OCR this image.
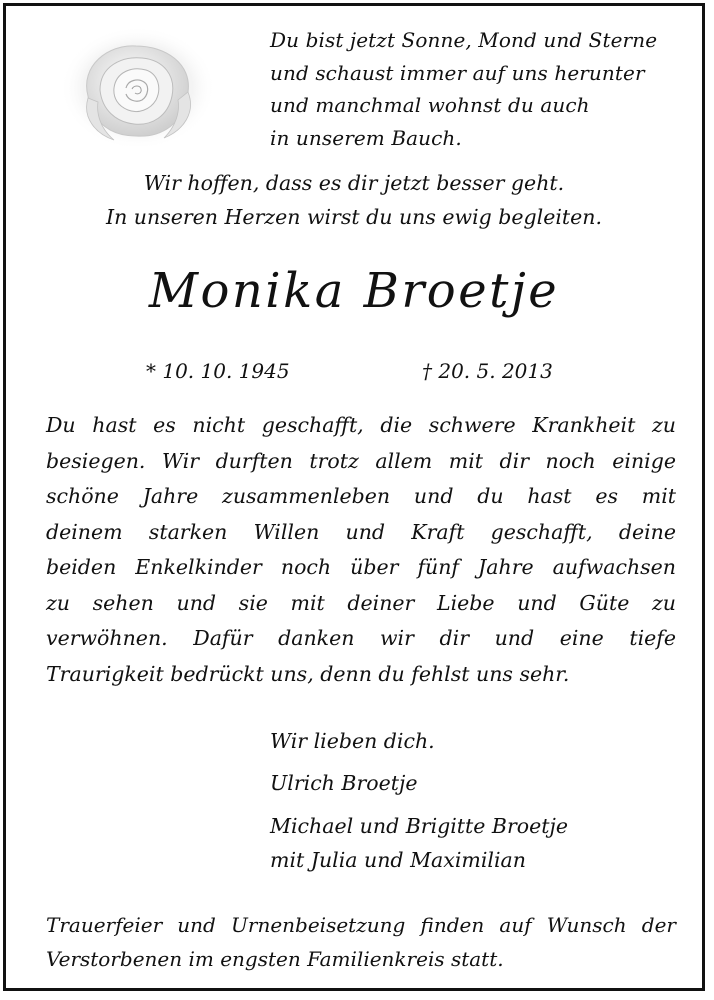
Du bist jetzt Sonne, Mond und Sterne
und schaust immer auf uns herunter
und manchmal wohnst du auch
in unserem Bauch.
Wir hoffen, dass es dir jetzt besser geht.
In unseren Herzen wirst du uns ewig begleiten.
Monika Broetje
* 10. 10. 1945	† 20. 5. 2013
Du hast es nicht geschafft, die schwere Krankheit zu
besiegen. Wir durften trotz allem mit dir noch einige
schöne Jahre zusammenleben und du hast es mit
deinem starken Willen und Kraft geschafft, deine
beiden Enkelkinder noch über fünf Jahre aufwachsen
zu sehen und sie mit deiner Liebe und Güte zu
verwöhnen. Dafür danken wir dir und eine tiefe
Traurigkeit bedrückt uns, denn du fehlst uns sehr.
Wir lieben dich.
Ulrich Broetje
Michael und Brigitte Broetje
mit Julia und Maximilian
Trauerfeier und Urnenbeisetzung finden auf Wunsch der
Verstorbenen im engsten Familienkreis statt.
